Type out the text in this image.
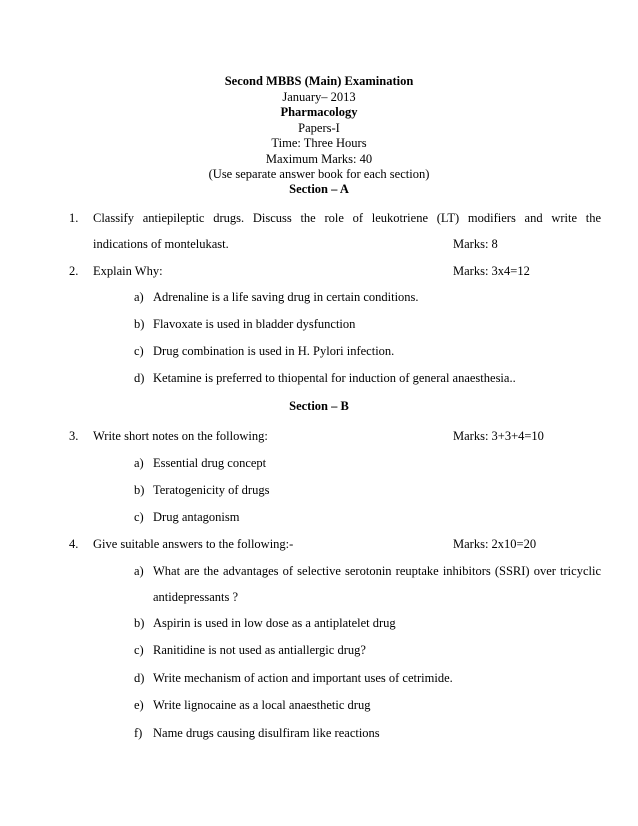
Second MBBS (Main) Examination
January– 2013
Pharmacology
Papers-I
Time: Three Hours
Maximum Marks: 40
(Use separate answer book for each section)
Section – A
1. Classify antiepileptic drugs. Discuss the role of leukotriene (LT) modifiers and write the
indications of montelukast.	Marks: 8
2. Explain Why:	Marks: 3x4=12
a) Adrenaline is a life saving drug in certain conditions.
b) Flavoxate is used in bladder dysfunction
c) Drug combination is used in H. Pylori infection.
d) Ketamine is preferred to thiopental for induction of general anaesthesia..
Section – B
3. Write short notes on the following:	Marks: 3+3+4=10
a) Essential drug concept
b) Teratogenicity of drugs
c) Drug antagonism
4. Give suitable answers to the following:-	Marks: 2x10=20
a) What are the advantages of selective serotonin reuptake inhibitors (SSRI) over tricyclic
antidepressants ?
b) Aspirin is used in low dose as a antiplatelet drug
c) Ranitidine is not used as antiallergic drug?
d) Write mechanism of action and important uses of cetrimide.
e) Write lignocaine as a local anaesthetic drug
f) Name drugs causing disulfiram like reactions
